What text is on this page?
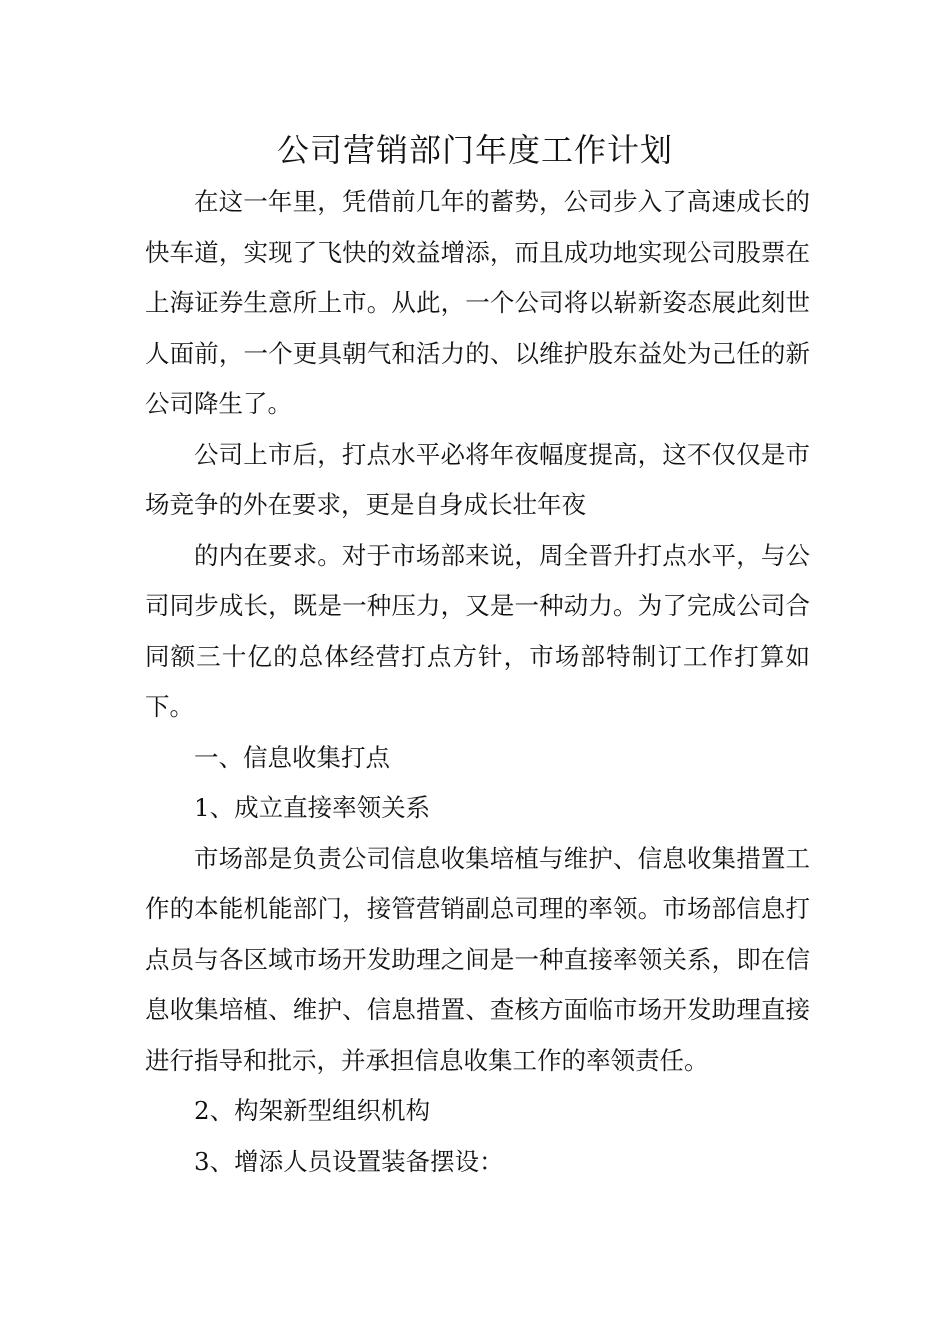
公司营销部门年度工作计划

在这一年里，凭借前几年的蓄势，公司步入了高速成长的快车道，实现了飞快的效益增添，而且成功地实现公司股票在上海证券生意所上市。从此，一个公司将以崭新姿态展此刻世人面前，一个更具朝气和活力的、以维护股东益处为己任的新公司降生了。

公司上市后，打点水平必将年夜幅度提高，这不仅仅是市场竞争的外在要求，更是自身成长壮年夜

的内在要求。对于市场部来说，周全晋升打点水平，与公司同步成长，既是一种压力，又是一种动力。为了完成公司合同额三十亿的总体经营打点方针，市场部特制订工作打算如下。

一、信息收集打点

1、成立直接率领关系

市场部是负责公司信息收集培植与维护、信息收集措置工作的本能机能部门，接管营销副总司理的率领。市场部信息打点员与各区域市场开发助理之间是一种直接率领关系，即在信息收集培植、维护、信息措置、查核方面临市场开发助理直接进行指导和批示，并承担信息收集工作的率领责任。

2、构架新型组织机构

3、增添人员设置装备摆设：
